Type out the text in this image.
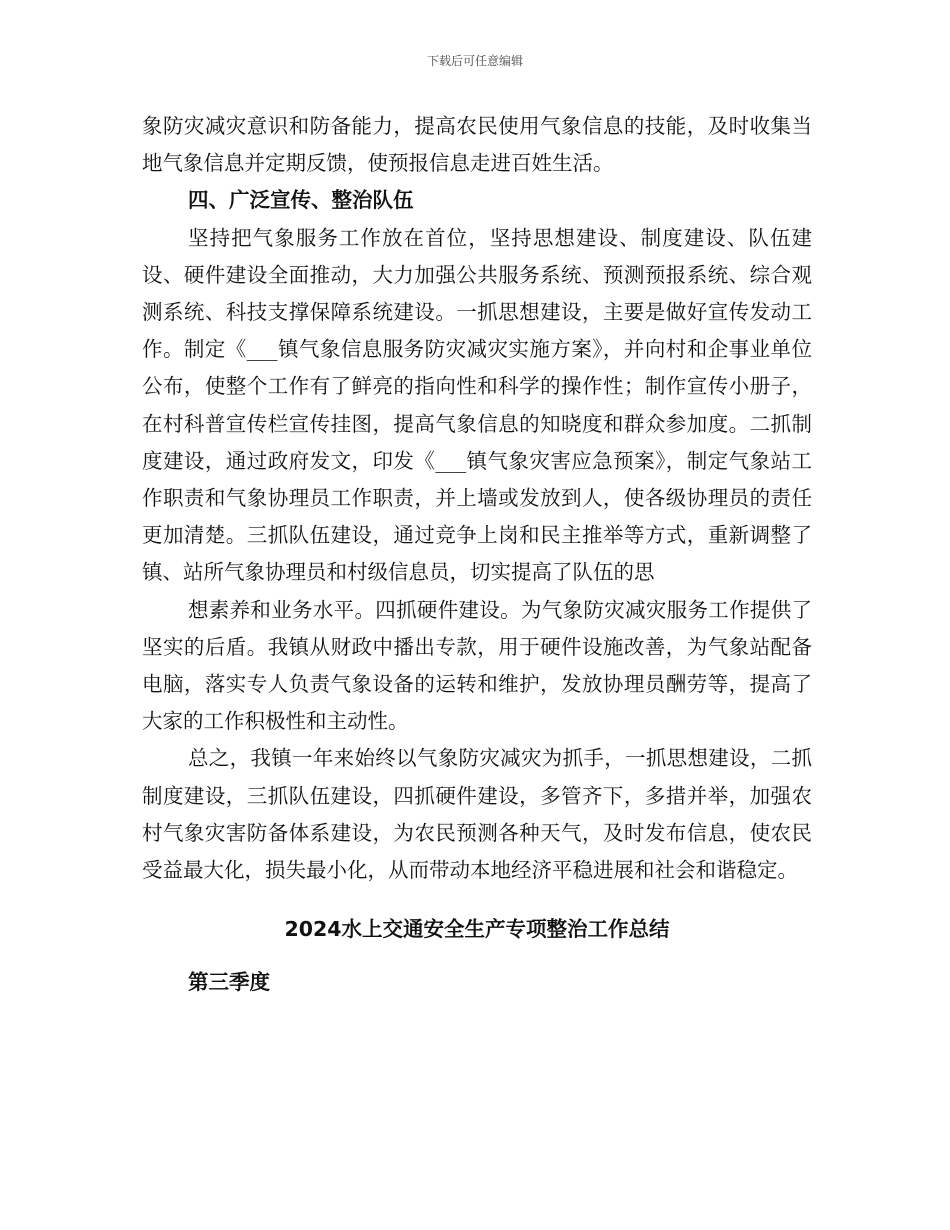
下载后可任意编辑

象防灾减灾意识和防备能力，提高农民使用气象信息的技能，及时收集当地气象信息并定期反馈，使预报信息走进百姓生活。

四、广泛宣传、整治队伍

坚持把气象服务工作放在首位，坚持思想建设、制度建设、队伍建设、硬件建设全面推动，大力加强公共服务系统、预测预报系统、综合观测系统、科技支撑保障系统建设。一抓思想建设，主要是做好宣传发动工作。制定《___镇气象信息服务防灾减灾实施方案》，并向村和企事业单位公布，使整个工作有了鲜亮的指向性和科学的操作性；制作宣传小册子，在村科普宣传栏宣传挂图，提高气象信息的知晓度和群众参加度。二抓制度建设，通过政府发文，印发《___镇气象灾害应急预案》，制定气象站工作职责和气象协理员工作职责，并上墙或发放到人，使各级协理员的责任更加清楚。三抓队伍建设，通过竞争上岗和民主推举等方式，重新调整了镇、站所气象协理员和村级信息员，切实提高了队伍的思

想素养和业务水平。四抓硬件建设。为气象防灾减灾服务工作提供了坚实的后盾。我镇从财政中播出专款，用于硬件设施改善，为气象站配备电脑，落实专人负责气象设备的运转和维护，发放协理员酬劳等，提高了大家的工作积极性和主动性。

总之，我镇一年来始终以气象防灾减灾为抓手，一抓思想建设，二抓制度建设，三抓队伍建设，四抓硬件建设，多管齐下，多措并举，加强农村气象灾害防备体系建设，为农民预测各种天气，及时发布信息，使农民受益最大化，损失最小化，从而带动本地经济平稳进展和社会和谐稳定。

2024水上交通安全生产专项整治工作总结

第三季度
